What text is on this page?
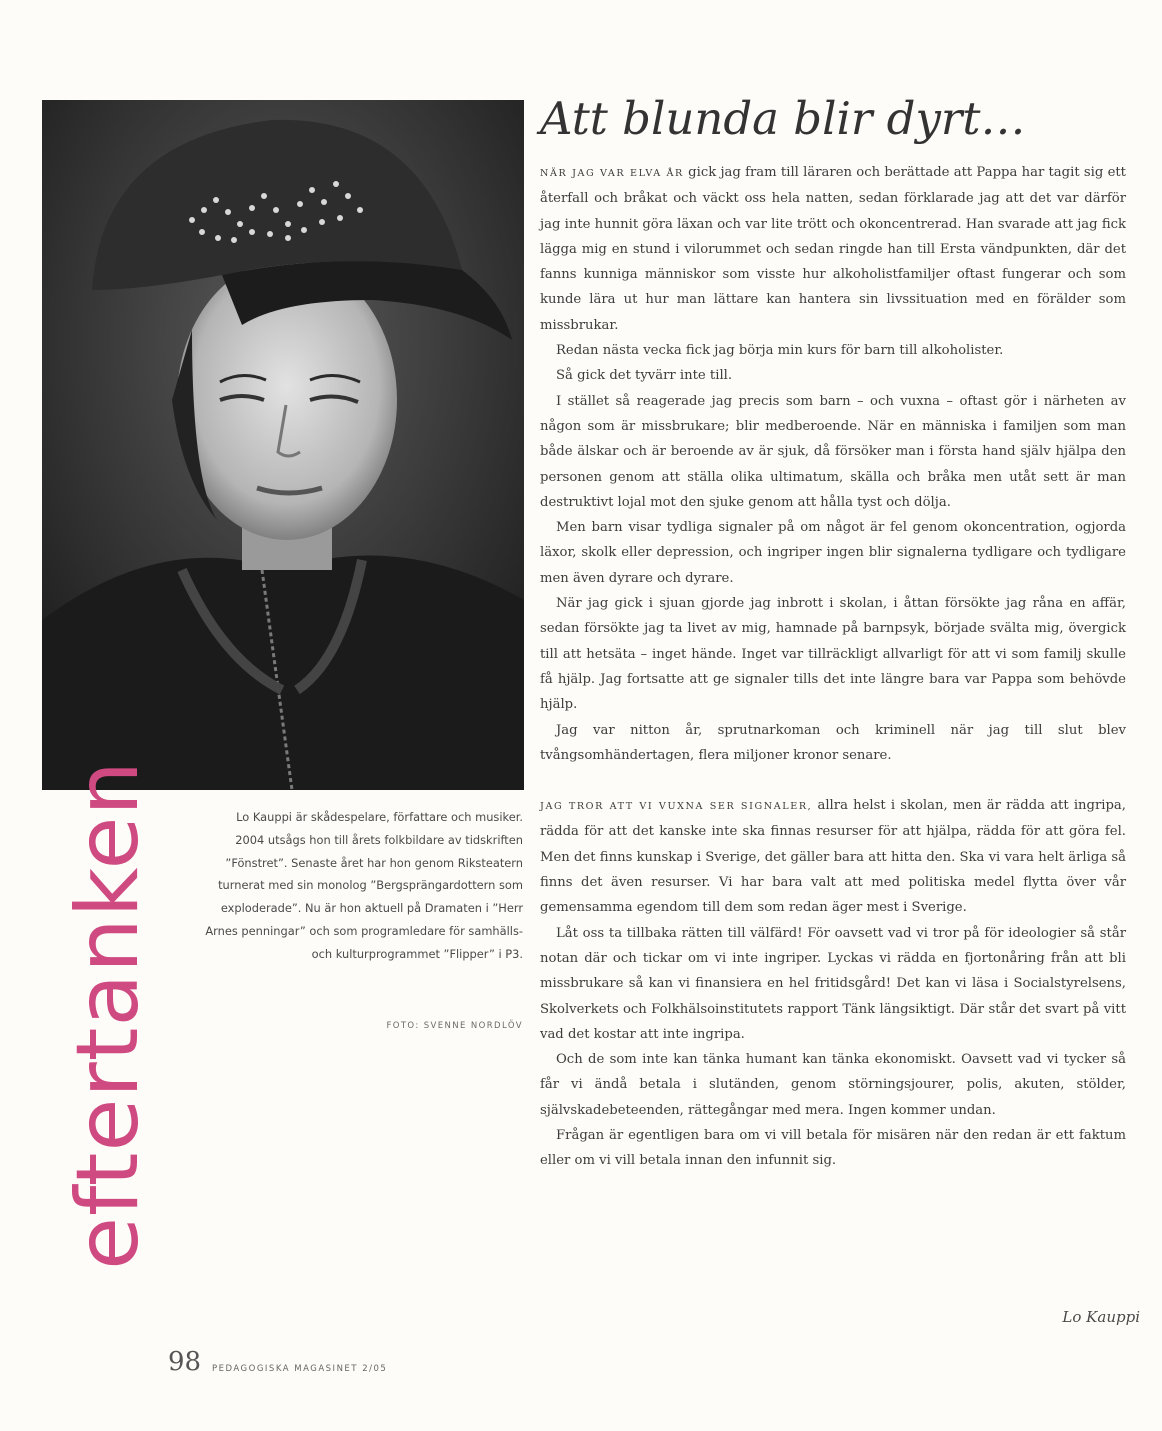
eftertanken	Lo Kauppi är skådespelare, författare och musiker. 2004 utsågs hon till årets folkbildare av tidskriften ”Fönstret”. Senaste året har hon genom Riksteatern turnerat med sin monolog ”Bergsprängardottern som exploderade”. Nu är hon aktuell på Dramaten i ”Herr Arnes penningar” och som programledare för samhälls- och kulturprogrammet ”Flipper” i P3.
FOTO: SVENNE NORDLÖV
Att blunda blir dyrt…

NÄR JAG VAR ELVA ÅR gick jag fram till läraren och berättade att Pappa har tagit sig ett återfall och bråkat och väckt oss hela natten, sedan förklarade jag att det var därför jag inte hunnit göra läxan och var lite trött och okoncentrerad. Han svarade att jag fick lägga mig en stund i vilorummet och sedan ringde han till Ersta vändpunkten, där det fanns kunniga människor som visste hur alkoholistfamiljer oftast fungerar och som kunde lära ut hur man lättare kan hantera sin livssituation med en förälder som missbrukar.

Redan nästa vecka fick jag börja min kurs för barn till alkoholister.

Så gick det tyvärr inte till.

I stället så reagerade jag precis som barn – och vuxna – oftast gör i närheten av någon som är missbrukare; blir medberoende. När en människa i familjen som man både älskar och är beroende av är sjuk, då försöker man i första hand själv hjälpa den personen genom att ställa olika ultimatum, skälla och bråka men utåt sett är man destruktivt lojal mot den sjuke genom att hålla tyst och dölja.

Men barn visar tydliga signaler på om något är fel genom okoncentration, ogjorda läxor, skolk eller depression, och ingriper ingen blir signalerna tydligare och tydligare men även dyrare och dyrare.

När jag gick i sjuan gjorde jag inbrott i skolan, i åttan försökte jag råna en affär, sedan försökte jag ta livet av mig, hamnade på barnpsyk, började svälta mig, övergick till att hetsäta – inget hände. Inget var tillräckligt allvarligt för att vi som familj skulle få hjälp. Jag fortsatte att ge signaler tills det inte längre bara var Pappa som behövde hjälp.

Jag var nitton år, sprutnarkoman och kriminell när jag till slut blev tvångsomhändertagen, flera miljoner kronor senare.

JAG TROR ATT VI VUXNA SER SIGNALER, allra helst i skolan, men är rädda att ingripa, rädda för att det kanske inte ska finnas resurser för att hjälpa, rädda för att göra fel. Men det finns kunskap i Sverige, det gäller bara att hitta den. Ska vi vara helt ärliga så finns det även resurser. Vi har bara valt att med politiska medel flytta över vår gemensamma egendom till dem som redan äger mest i Sverige.

Låt oss ta tillbaka rätten till välfärd! För oavsett vad vi tror på för ideologier så står notan där och tickar om vi inte ingriper. Lyckas vi rädda en fjortonåring från att bli missbrukare så kan vi finansiera en hel fritidsgård! Det kan vi läsa i Socialstyrelsens, Skolverkets och Folkhälsoinstitutets rapport Tänk längsiktigt. Där står det svart på vitt vad det kostar att inte ingripa.

Och de som inte kan tänka humant kan tänka ekonomiskt. Oavsett vad vi tycker så får vi ändå betala i slutänden, genom störningsjourer, polis, akuten, stölder, självskadebeteenden, rättegångar med mera. Ingen kommer undan.

Frågan är egentligen bara om vi vill betala för misären när den redan är ett faktum eller om vi vill betala innan den infunnit sig.

Lo Kauppi
98 PEDAGOGISKA MAGASINET 2/05
